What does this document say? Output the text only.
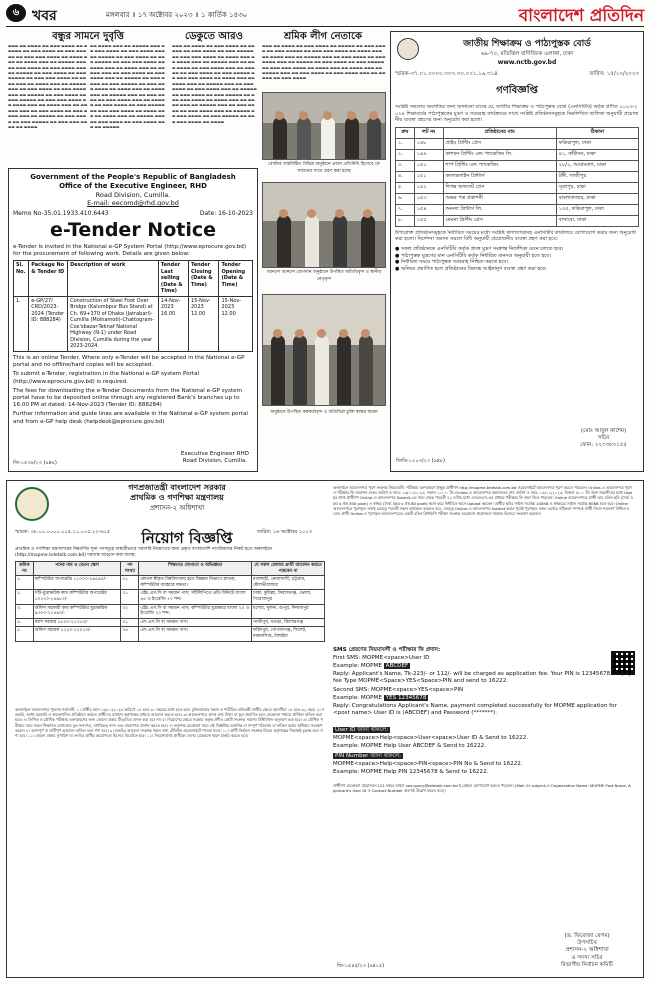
৬ খবর	মঙ্গলবার ॥ ১৭ অক্টোবর ২০২৩ ॥ ১ কার্তিক ১৪৩০	বাংলাদেশ প্রতিদিন
বন্ধুর সামনে দুবৃত্তি	ডেকুতে আরও	শ্রমিক লীগ নেতাকে
▬▬▬ ▬▬ ▬▬▬▬ ▬▬ ▬▬▬ ▬▬▬▬ ▬▬ ▬▬▬▬▬ ▬▬ ▬▬▬ ▬▬▬▬ ▬▬ ▬▬▬ ▬▬▬▬▬ ▬▬ ▬▬▬ ▬▬▬ ▬▬▬▬ ▬▬ ▬▬▬▬ ▬▬▬ ▬▬ ▬▬▬▬ ▬▬▬ ▬▬ ▬▬▬▬▬ ▬▬▬ ▬▬ ▬▬▬ ▬▬▬▬ ▬▬ ▬▬▬ ▬▬▬▬ ▬▬▬ ▬▬ ▬▬▬▬▬ ▬▬ ▬▬▬ ▬▬▬▬ ▬▬ ▬▬▬ ▬▬▬▬▬ ▬▬ ▬▬▬ ▬▬▬ ▬▬▬▬ ▬▬ ▬▬▬▬ ▬▬▬ ▬▬ ▬▬▬▬ ▬▬▬ ▬▬ ▬▬▬▬▬ ▬▬▬ ▬▬ ▬▬▬ ▬▬▬▬ ▬▬ ▬▬▬ ▬▬▬▬ ▬▬▬ ▬▬ ▬▬▬▬▬ ▬▬ ▬▬▬ ▬▬▬▬ ▬▬ ▬▬▬ ▬▬▬▬▬ ▬▬ ▬▬▬ ▬▬▬ ▬▬▬▬ ▬▬ ▬▬▬▬ ▬▬▬ ▬▬ ▬▬▬▬ ▬▬▬ ▬▬ ▬▬▬▬▬ ▬▬▬ ▬▬ ▬▬▬ ▬▬▬▬ ▬▬ ▬▬▬ ▬▬▬▬ ▬▬▬ ▬▬ ▬▬▬▬▬ ▬▬ ▬▬▬ ▬▬▬▬ ▬▬ ▬▬▬ ▬▬▬▬▬ ▬▬ ▬▬▬ ▬▬▬ ▬▬▬▬ ▬▬ ▬▬▬▬
▬▬ ▬▬▬▬ ▬▬▬ ▬▬ ▬▬▬▬▬ ▬▬▬ ▬▬ ▬▬▬ ▬▬▬▬ ▬▬ ▬▬▬ ▬▬▬▬ ▬▬▬ ▬▬ ▬▬▬▬▬ ▬▬ ▬▬▬ ▬▬▬▬ ▬▬ ▬▬▬ ▬▬▬▬▬ ▬▬ ▬▬▬ ▬▬▬ ▬▬▬▬ ▬▬ ▬▬▬▬ ▬▬▬ ▬▬ ▬▬▬▬ ▬▬▬ ▬▬ ▬▬▬▬▬ ▬▬▬ ▬▬ ▬▬▬ ▬▬▬▬ ▬▬ ▬▬▬ ▬▬▬▬ ▬▬▬ ▬▬ ▬▬▬▬▬ ▬▬ ▬▬▬ ▬▬▬▬ ▬▬ ▬▬▬ ▬▬▬▬▬ ▬▬ ▬▬▬ ▬▬▬ ▬▬▬▬ ▬▬ ▬▬▬▬ ▬▬▬ ▬▬ ▬▬▬▬ ▬▬▬ ▬▬ ▬▬▬▬▬ ▬▬▬ ▬▬ ▬▬▬ ▬▬▬▬ ▬▬ ▬▬▬ ▬▬▬▬ ▬▬▬ ▬▬ ▬▬▬▬▬ ▬▬ ▬▬▬ ▬▬▬▬ ▬▬ ▬▬▬ ▬▬▬▬▬ ▬▬ ▬▬▬ ▬▬▬ ▬▬▬▬ ▬▬ ▬▬▬▬ ▬▬▬ ▬▬ ▬▬▬▬ ▬▬▬ ▬▬ ▬▬▬▬▬ ▬▬▬ ▬▬ ▬▬▬ ▬▬▬▬ ▬▬ ▬▬▬ ▬▬▬▬ ▬▬▬ ▬▬ ▬▬▬▬▬
▬▬▬ ▬▬ ▬▬▬▬ ▬▬ ▬▬▬ ▬▬▬▬ ▬▬ ▬▬▬▬▬ ▬▬ ▬▬▬ ▬▬▬▬ ▬▬ ▬▬▬ ▬▬▬▬▬ ▬▬ ▬▬▬ ▬▬▬ ▬▬▬▬ ▬▬ ▬▬▬▬ ▬▬▬ ▬▬ ▬▬▬▬ ▬▬▬ ▬▬ ▬▬▬▬▬ ▬▬▬ ▬▬ ▬▬▬ ▬▬▬▬ ▬▬ ▬▬▬ ▬▬▬▬ ▬▬▬ ▬▬ ▬▬▬▬▬ ▬▬ ▬▬▬ ▬▬▬▬ ▬▬ ▬▬▬ ▬▬▬▬▬ ▬▬ ▬▬▬ ▬▬▬ ▬▬▬▬ ▬▬ ▬▬▬▬ ▬▬▬ ▬▬ ▬▬▬▬ ▬▬▬ ▬▬ ▬▬▬▬▬ ▬▬▬ ▬▬ ▬▬▬ ▬▬▬▬ ▬▬ ▬▬▬ ▬▬▬▬ ▬▬▬ ▬▬ ▬▬▬▬▬ ▬▬ ▬▬▬ ▬▬▬▬ ▬▬ ▬▬▬ ▬▬▬▬▬ ▬▬ ▬▬▬ ▬▬▬ ▬▬▬▬ ▬▬ ▬▬▬▬ ▬▬▬ ▬▬ ▬▬▬▬ ▬▬▬ ▬▬ ▬▬▬▬▬ ▬▬▬ ▬▬ ▬▬▬ ▬▬▬▬ ▬▬ ▬▬▬ ▬▬▬▬ ▬▬▬ ▬▬ ▬▬▬▬▬ ▬▬ ▬▬▬ ▬▬▬▬ ▬▬ ▬▬▬ ▬▬▬▬▬ ▬▬ ▬▬▬ ▬▬▬ ▬▬▬▬ ▬▬ ▬▬▬▬
▬▬▬ ▬▬ ▬▬▬▬ ▬▬ ▬▬▬ ▬▬▬▬ ▬▬ ▬▬▬▬▬ ▬▬ ▬▬▬ ▬▬▬▬ ▬▬ ▬▬▬ ▬▬▬▬▬ ▬▬ ▬▬▬ ▬▬▬ ▬▬▬▬ ▬▬ ▬▬▬▬ ▬▬▬ ▬▬ ▬▬▬▬ ▬▬▬ ▬▬ ▬▬▬▬▬ ▬▬▬ ▬▬ ▬▬▬ ▬▬▬▬ ▬▬ ▬▬▬ ▬▬▬▬ ▬▬▬ ▬▬ ▬▬▬▬▬ ▬▬ ▬▬▬ ▬▬▬▬ ▬▬ ▬▬▬ ▬▬▬▬▬ ▬▬ ▬▬▬ ▬▬▬ ▬▬▬▬ ▬▬ ▬▬▬▬ ▬▬▬ ▬▬ ▬▬▬▬ ▬▬▬ ▬▬ ▬▬▬▬▬ ▬▬▬ ▬▬ ▬▬▬ ▬▬▬▬ ▬▬ ▬▬▬ ▬▬▬▬ ▬▬▬ ▬▬ ▬▬▬▬▬ ▬▬ ▬▬▬ ▬▬▬▬
বোস্টার বাস্তবিষ্ঠিত বিভিন্ন অনুষ্ঠানে প্রধান প্রতিনিধি হিসেবে কে সম্মানের সাথে গ্রহণ করা হচ্ছে
আনন্দে আনন্দে যোগদান অনুষ্ঠানে উপস্থিত অতিথিবৃন্দ ও স্থানীয় নেতৃবৃন্দ
অনুষ্ঠানে উপস্থিত কর্মকর্তাবৃন্দ ও অতিথিরা চুক্তি স্বাক্ষর করেন
Government of the People's Republic of Bangladesh
Office of the Executive Engineer, RHD
Road Division, Cumilla.
E-mail: eecomd@rhd.gov.bd
Memo No-35.01.1933.410.6443	Date: 16-10-2023
e-Tender Notice

e-Tender is invited in the National e-GP System Portal (http://www.eprocure.gov.bd) for the procurement of following work. Details are given below:

Sl. No.	Package No & Tender ID	Description of work	Tender Last selling (Date & Time)	Tender Closing (Date & Time)	Tender Opening (Date & Time)
1.	e-GP/27/ CRD/2023-2024 (Tender ID: 888284)	Construction of Steel Foot Over Bridge (Kalumbpur Bus Stand) at Ch. 69+370 of Dhaka (Jatrabari)-Cumilla (Moinamoti)-Chattogram-Cox'sbazar-Teknaf National Highway (N-1) under Road Division, Cumilla during the year 2023-2024.	14-Nov-2023 16.00	15-Nov-2023 12.00	15-Nov-2023 12.00

This is an online Tender. Where only e-Tender will be accepted in the National e-GP portal and no offline/hard copies will be accepted.

To submit e-Tender, registration in the National e-GP system Portal (http://www.eprocure.gov.bd) is required.

The fees for downloading the e-Tender Documents from the National e-GP system portal have to be deposited online through any registered Bank's branches up to 16.00 PM at dated: 14-Nov-2023 (Tender ID: 888284)

Further information and guide lines are available in the National e-GP system portal and from e-GP help desk (helpdesk@eprocure.gov.bd)

Executive Engineer RHD
Road Division, Cumilla.
জি-১৫৩৬/২৩ (৯x৪)
জাতীয় শিক্ষাক্রম ও পাঠ্যপুস্তক বোর্ড
৬৯-৭০, মতিঝিল বাণিজ্যিক এলাকা, ঢাকা
www.nctb.gov.bd
স্মারক-৩৭.০১.০০০০.৩০৩.৩০.০০১.১৯.৩১৪	তারিখ: ১৫/১০/২০২৩
গণবিজ্ঞপ্তি
সংশ্লিষ্ট সকলের অবগতির জন্য জানানো যাচ্ছে যে, জাতীয় শিক্ষাক্রম ও পাঠ্যপুস্তক বোর্ড (এনসিটিবি) কর্তৃক প্রণীত ২০২৩-২০২৪ শিক্ষাবর্ষের পাঠ্যপুস্তকের মুদ্রণ ও সরবরাহ কার্যক্রমের সাথে সংশ্লিষ্ট প্রতিষ্ঠানসমূহকে নিম্নলিখিত তালিকা অনুযায়ী প্রয়োজনীয় ব্যবস্থা গ্রহণের জন্য অনুরোধ করা হলো।
ক্রম	লট নং	প্রতিষ্ঠানের নাম	ঠিকানা
১.	১৪৮	প্রাইম প্রিন্টিং প্রেস	ফকিরাপুল, ঢাকা
২.	১৪৯	কাশবন প্রিন্টিং এন্ড প্যাকেজিং লি.	৪১, কাঁটাবন, ঢাকা
৩.	১৫০	শার্প প্রিন্টিং এন্ড প্যাকেজিং	২৮/২, আরামবাগ, ঢাকা
৪.	১৫১	কালারলাইন প্রিন্টার্স	টঙ্গী, গাজীপুর
৫.	১৫২	দিগন্ত অফসেট প্রেস	সূত্রাপুর, ঢাকা
৬.	১৫৩	অক্ষর পত্র প্রকাশনী	বাংলাবাজার, ঢাকা
৭.	১৫৪	অনন্যা প্রিন্টার্স লি.	১৩৫, ফকিরাপুল, ঢাকা
৮.	১৫৫	মেঘনা প্রিন্টিং প্রেস	বাসাবো, ঢাকা
উপরোক্ত প্রতিষ্ঠানসমূহকে নির্ধারিত সময়ের মধ্যে সংশ্লিষ্ট কাগজপত্রসহ এনসিটিবি কার্যালয়ে যোগাযোগ করার জন্য অনুরোধ করা হলো। নির্দেশনা অমান্য করলে বিধি অনুযায়ী প্রয়োজনীয় ব্যবস্থা গ্রহণ করা হবে।
● সকল প্রতিষ্ঠানকে এনসিটিবি কর্তৃক প্রদত্ত মুদ্রণ সংক্রান্ত নির্দেশিকা মেনে চলতে হবে।
● পাঠ্যপুস্তক মুদ্রণের মান এনসিটিবি কর্তৃক নির্ধারিত মানদণ্ড অনুযায়ী হতে হবে।
● নির্ধারিত সময়ে পাঠ্যপুস্তক সরবরাহ নিশ্চিত করতে হবে।
● অনিয়ম প্রমাণিত হলে প্রতিষ্ঠানের বিরুদ্ধে আইনানুগ ব্যবস্থা গ্রহণ করা হবে।
(মোঃ আবুল কাশেম)
সচিব
ফোন: ২২৩৩৮০১৫৫
জিডি-১২০৩/২৩ (৯x৮)
গণপ্রজাতন্ত্রী বাংলাদেশ সরকার
প্রাথমিক ও গণশিক্ষা মন্ত্রণালয়
প্রশাসন-২ অধিশাখা
স্মারক: ৩৮.০০.০০০০.০০৫.১১.০০৫.২২-৬১৫	নিয়োগ বিজ্ঞপ্তি	তারিখ: ১৬ অক্টোবর ২০২৩
প্রাথমিক ও গণশিক্ষা মন্ত্রণালয়ের নিম্নবর্ণিত শূন্য পদসমূহে অস্থায়ীভাবে সরাসরি নিয়োগের জন্য প্রকৃত বাংলাদেশি নাগরিকদের নিকট হতে অনলাইনে (http://mopme.teletalk.com.bd) দরখাস্ত আহ্বান করা যাচ্ছে:
ক্রমিক নং	পদের নাম ও বেতন স্কেল	পদ সংখ্যা	শিক্ষাগত যোগ্যতা ও অভিজ্ঞতা	যে সকল জেলার প্রার্থী আবেদন করতে পারবেন না
১.	কম্পিউটার অপারেটর ১১০০০-২৬৫৯০/-	০১	কোনো স্বীকৃত বিশ্ববিদ্যালয় হতে বিজ্ঞান বিভাগে স্নাতক; কম্পিউটার ব্যবহারে দক্ষতা।	রাজশাহী, নোয়াখালী, চট্টগ্রাম, মৌলভীবাজার
২.	সাঁট-মুদ্রাক্ষরিক কাম কম্পিউটার অপারেটর ১০২০০-২৪৬৮০/-	০১	এইচ.এস.সি বা সমমান পাস; সাঁটলিপিতে প্রতি মিনিটে বাংলা ৪৫ ও ইংরেজি ৭০ শব্দ।	ঢাকা, কুমিল্লা, সিরাজগঞ্জ, ভোলা, পিরোজপুর
৩.	অফিস সহকারী কাম কম্পিউটার মুদ্রাক্ষরিক ৯৩০০-২২৪৯০/-	০২	এইচ.এস.সি বা সমমান পাস; কম্পিউটার মুদ্রাক্ষরে বাংলা ২০ ও ইংরেজি ২০ শব্দ।	যশোর, খুলনা, রংপুর, দিনাজপুর
৪.	ক্যাশ সরকার ৮৮০০-২১৩১০/-	০১	এস.এস.সি বা সমমান পাস।	গাজীপুর, বগুড়া, কিশোরগঞ্জ
৫.	অফিস সহায়ক ৮২৫০-২০০১০/-	০৪	এস.এস.সি বা সমমান পাস।	ফরিদপুর, গোপালগঞ্জ, সিলেট, ময়মনসিংহ, টাঙ্গাইল
অনলাইনে আবেদনপত্র পূরণের শর্তাবলী: ১। প্রার্থীর বয়স ১৬/১১/২০২৩ তারিখে ১৮ হতে ৩০ বছরের মধ্যে হতে হবে। মুক্তিযোদ্ধার সন্তান ও শারীরিক প্রতিবন্ধী প্রার্থীর ক্ষেত্রে বয়সসীমা ১৮ হতে ৩২ বছর। ২। সরকারি, আধা-সরকারি ও স্বায়ত্তশাসিত প্রতিষ্ঠানে কর্মরত প্রার্থীদের যথাযথ কর্তৃপক্ষের মাধ্যমে আবেদন করতে হবে। ৩। আবেদনপত্রে প্রদত্ত তথ্য মিথ্যা বা ভুল প্রমাণিত হলে যেকোনো পর্যায়ে প্রার্থিতা বাতিল করা হবে। ৪। লিখিত ও মৌখিক পরীক্ষায় অংশগ্রহণের জন্য কোনো প্রকার টিএ/ডিএ প্রদান করা হবে না। ৫। নিয়োগের ক্ষেত্রে সরকার কর্তৃক প্রণীত কোটা সংক্রান্ত সর্বশেষ বিধিবিধান অনুসরণ করা হবে। ৬। মৌখিক পরীক্ষার সময় সকল শিক্ষাগত যোগ্যতার মূল সনদপত্র, নাগরিকত্ব সনদ এবং প্রবেশপত্র প্রদর্শন করতে হবে। ৭। কর্তৃপক্ষ যেকোনো সময় এই বিজ্ঞপ্তির আংশিক বা সম্পূর্ণ পরিবর্তন বা বাতিল করার অধিকার সংরক্ষণ করেন। ৮। অসম্পূর্ণ বা ত্রুটিপূর্ণ আবেদন বাতিল বলে গণ্য হবে। ৯। চাকরির আবেদন সংক্রান্ত সকল তথ্য টেলিটক ওয়েবসাইটে পাওয়া যাবে। ১০। প্রার্থী নির্বাচন সংক্রান্ত বিষয়ে কর্তৃপক্ষের সিদ্ধান্তই চূড়ান্ত বলে গণ্য হবে। ১১। কোনো প্রকার সুপারিশ বা তদবির প্রার্থীর অযোগ্যতা হিসেবে বিবেচিত হবে। ১২। নিয়োগপ্রাপ্ত প্রার্থীকে দেশের যেকোনো স্থানে চাকরি করতে হবে।
অনলাইনে আবেদনপত্র পূরণ সংক্রান্ত নিয়মাবলী: পরীক্ষায় অংশগ্রহণে ইচ্ছুক প্রার্থীগণ http://mopme.teletalk.com.bd ওয়েবসাইটে আবেদনপত্র পূরণ করতে পারবেন। Online-এ আবেদনপত্র পূরণ ও পরীক্ষার ফি জমাদান শুরুর তারিখ ও সময়: ১৬/১০/২০২৩, সকাল ১০:০০ টা। Online-এ আবেদনপত্র জমাদানের শেষ তারিখ ও সময়: ১৫/১১/২০২৩, বিকাল ৫:০০ টা। উক্ত সময়সীমার মধ্যে User ID প্রাপ্ত প্রার্থীগণ Online-এ আবেদনপত্র Submit-এর সময় থেকে পরবর্তী ৭২ ঘণ্টার মধ্যে এসএমএস-এর মাধ্যমে পরীক্ষার ফি জমা দিতে পারবেন। Online আবেদনপত্রে প্রার্থী তার রঙিন ছবি (দৈর্ঘ্য 300 x প্রস্থ 300 pixel) ও স্বাক্ষর (দৈর্ঘ্য 300 x প্রস্থ 80 pixel) স্ক্যান করে নির্ধারিত স্থানে Upload করবেন। প্রার্থীর ছবির সাইজ সর্বোচ্চ 100KB ও স্বাক্ষরের সাইজ সর্বোচ্চ 60KB হতে হবে। Online আবেদনপত্রে পূরণকৃত তথ্যই যেহেতু পরবর্তী সকল কার্যক্রমে ব্যবহৃত হবে, সেহেতু Online-এ আবেদনপত্র Submit করার পূর্বেই পূরণকৃত সকল তথ্যের সঠিকতা সম্পর্কে প্রার্থী নিজে শতভাগ নিশ্চিত হবেন। প্রার্থী Online-এ পূরণকৃত আবেদনপত্রের একটি রঙিন প্রিন্টকপি পরীক্ষা সংক্রান্ত যেকোনো প্রয়োজনে সহায়ক হিসেবে সংরক্ষণ করবেন।
SMS প্রেরণের নিয়মাবলী ও পরীক্ষার ফি প্রদান:
First SMS: MOPME<space>User ID
Example: MOPME ABCDEF
Reply: Applicant's Name, Tk-223/- or 112/- will be charged as application fee. Your PIN is 12345678. To pay fee Type MOPME<Space>YES<Space>PIN and send to 16222.
Second SMS: MOPME<space>YES<space>PIN
Example: MOPME YES 12345678
Reply: Congratulations Applicant's Name, payment completed successfully for MOPME application for <post name> User ID is (ABCDEF) and Password (*******).
User ID জানা থাকলে:
MOPME<space>Help<space>User<space>User ID & Send to 16222.
Example: MOPME Help User ABCDEF & Send to 16222.
PIN Number জানা থাকলে:
MOPME<space>Help<space>PIN<space>PIN No & Send to 16222.
Example: MOPME Help PIN 12345678 & Send to 16222.
প্রার্থীগণ যেকোনো প্রয়োজনে 121 নম্বরে অথবা vas.query@teletalk.com.bd ই-মেইলে যোগাযোগ করতে পারবেন। (Mail এর subject-এ Organization Name: MOPME Post Name, Applicant's User ID ও Contact Number অবশ্যই উল্লেখ করতে হবে)।
(ড. ফিরোজা বেগম)
উপসচিব
প্রশাসন-২ অধিশাখা
ও সদস্য সচিব
বিভাগীয় নির্বাচন কমিটি
জি-১৫৪৫/২৩ (৯x১৫)
